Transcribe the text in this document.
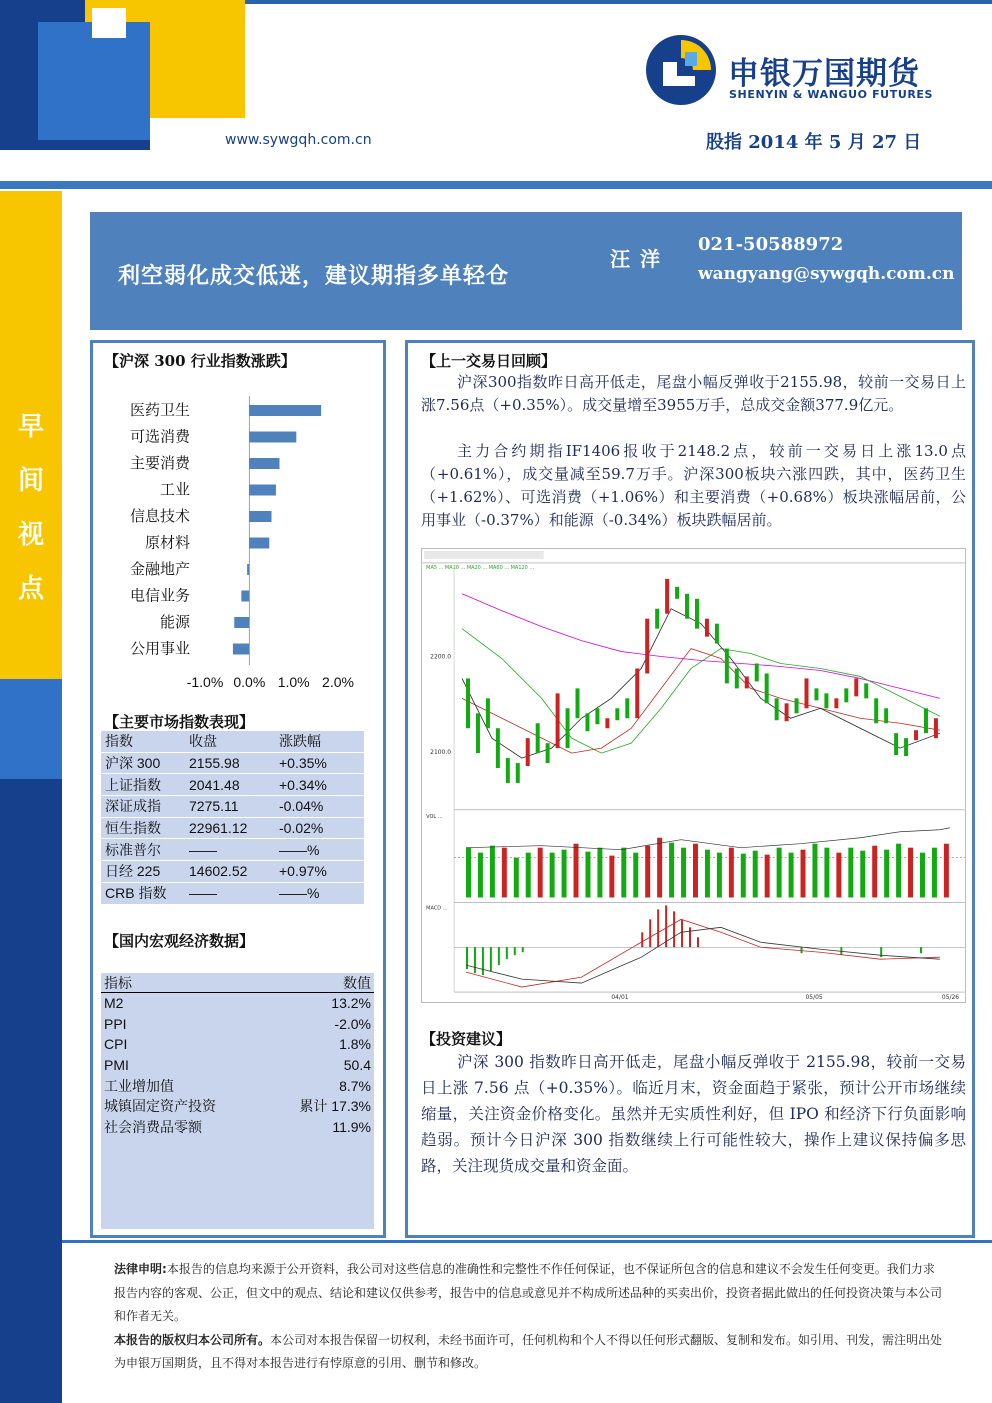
www.sywgqh.com.cn
申银万国期货
SHENYIN & WANGUO FUTURES
股指 2014 年 5 月 27 日
早
间
视
点
利空弱化成交低迷，建议期指多单轻仓
汪洋
021-50588972
wangyang@sywgqh.com.cn
【沪深 300 行业指数涨跌】
医药卫生
可选消费
主要消费
工业
信息技术
原材料
金融地产
电信业务
能源
公用事业
-1.0% 0.0% 1.0% 2.0%
【主要市场指数表现】
指数	收盘	涨跌幅
沪深 300	2155.98	+0.35%
上证指数	2041.48	+0.34%
深证成指	7275.11	-0.04%
恒生指数	22961.12	-0.02%
标准普尔	——	——%
日经 225	14602.52	+0.97%
CRB 指数	——	——%
【国内宏观经济数据】
指标	数值
M2	13.2%
PPI	-2.0%
CPI	1.8%
PMI	50.4
工业增加值	8.7%
城镇固定资产投资	累计 17.3%
社会消费品零额	11.9%
【上一交易日回顾】
沪深300指数昨日高开低走，尾盘小幅反弹收于2155.98，较前一交易日上涨7.56点（+0.35%）。成交量增至3955万手，总成交金额377.9亿元。
主力合约期指IF1406报收于2148.2点，较前一交易日上涨13.0点（+0.61%），成交量减至59.7万手。沪深300板块六涨四跌，其中，医药卫生（+1.62%）、可选消费（+1.06%）和主要消费（+0.68%）板块涨幅居前，公用事业（-0.37%）和能源（-0.34%）板块跌幅居前。
MA5 ... MA10 ... MA20 ... MA60 ... MA120 ...
2200.0
2100.0
VOL ...
MACD ...
04/01	05/05	05/26
【投资建议】
沪深 300 指数昨日高开低走，尾盘小幅反弹收于 2155.98，较前一交易日上涨 7.56 点（+0.35%）。临近月末，资金面趋于紧张，预计公开市场继续缩量，关注资金价格变化。虽然并无实质性利好，但 IPO 和经济下行负面影响趋弱。预计今日沪深 300 指数继续上行可能性较大，操作上建议保持偏多思路，关注现货成交量和资金面。
法律申明:本报告的信息均来源于公开资料，我公司对这些信息的准确性和完整性不作任何保证，也不保证所包含的信息和建议不会发生任何变更。我们力求报告内容的客观、公正，但文中的观点、结论和建议仅供参考，报告中的信息或意见并不构成所述品种的买卖出价，投资者据此做出的任何投资决策与本公司和作者无关。
本报告的版权归本公司所有。本公司对本报告保留一切权利，未经书面许可，任何机构和个人不得以任何形式翻版、复制和发布。如引用、刊发，需注明出处为申银万国期货，且不得对本报告进行有悖原意的引用、删节和修改。
